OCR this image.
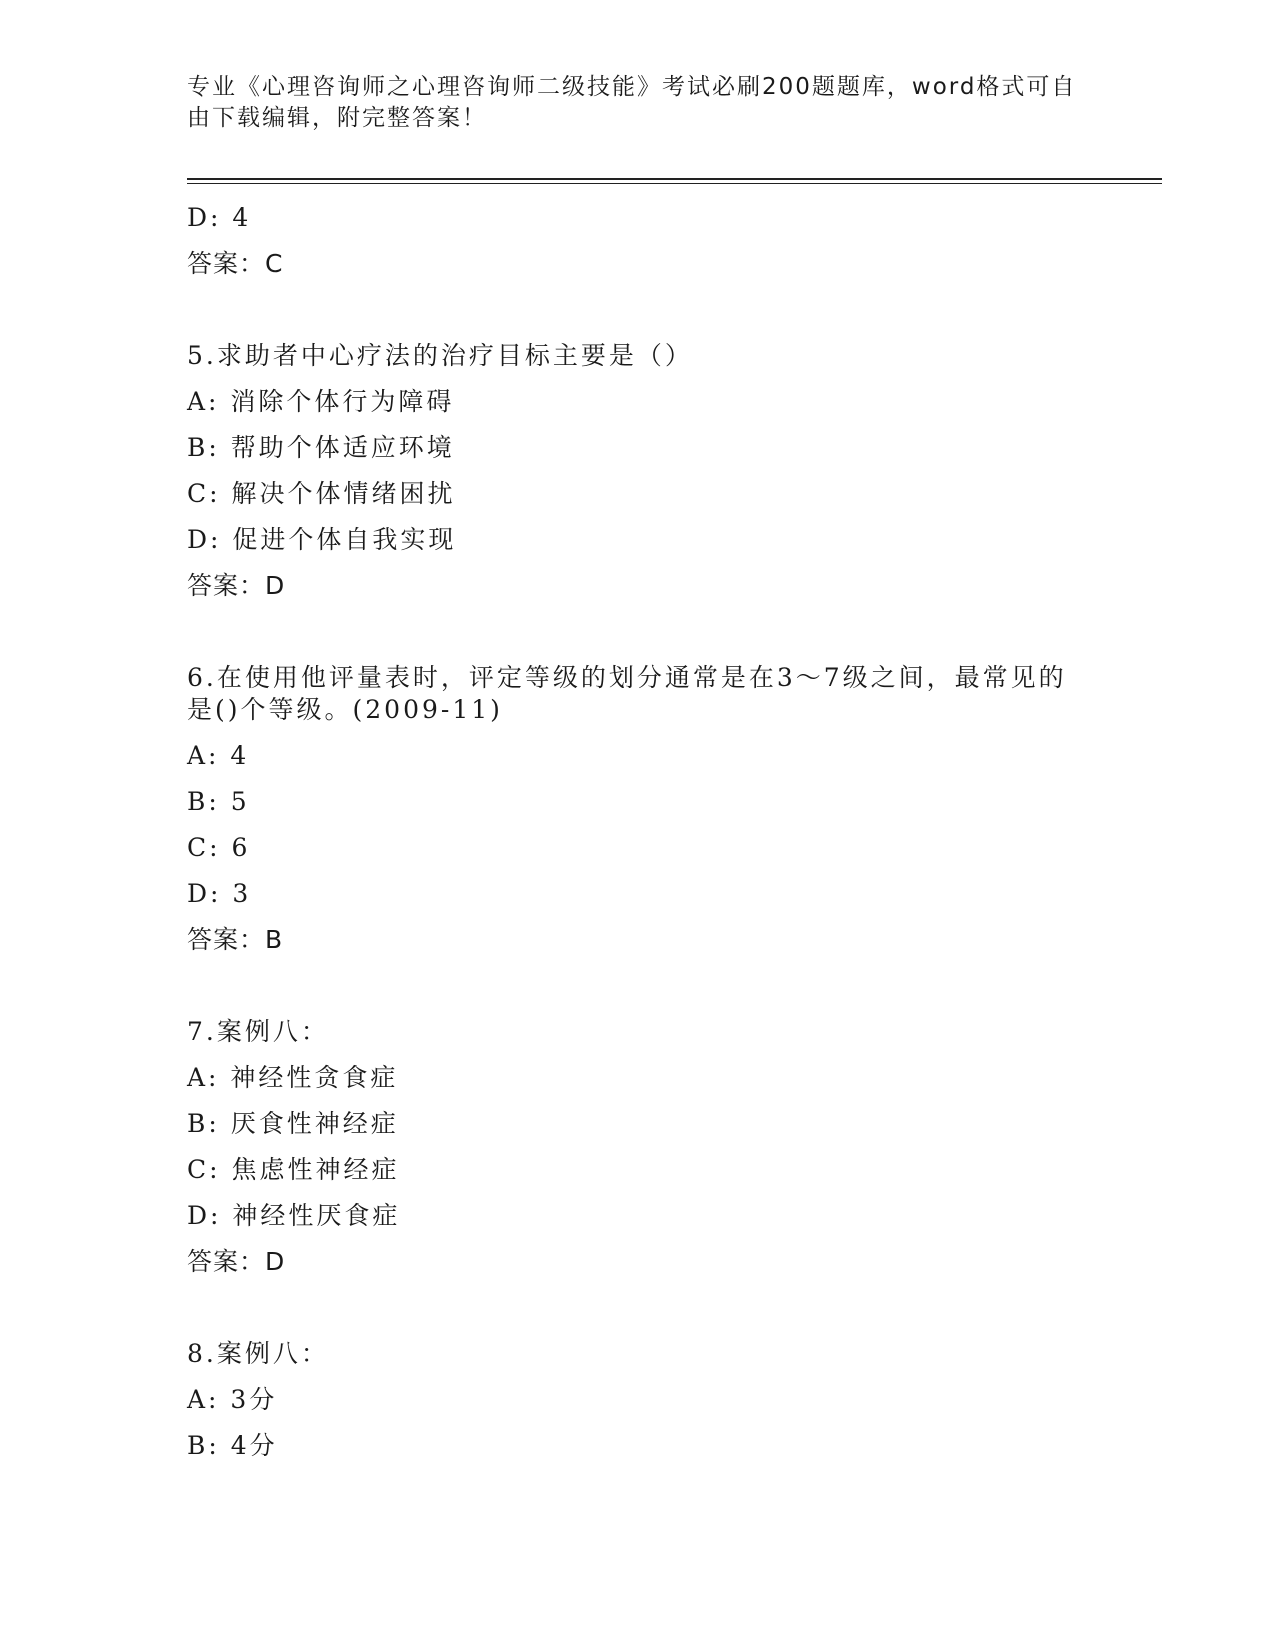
专业《心理咨询师之心理咨询师二级技能》考试必刷200题题库，word格式可自由下载编辑，附完整答案！
D: 4
答案：C
5.求助者中心疗法的治疗目标主要是（）
A: 消除个体行为障碍
B: 帮助个体适应环境
C: 解决个体情绪困扰
D: 促进个体自我实现
答案：D
6.在使用他评量表时，评定等级的划分通常是在3～7级之间，最常见的是()个等级。(2009-11)
A: 4
B: 5
C: 6
D: 3
答案：B
7.案例八：
A: 神经性贪食症
B: 厌食性神经症
C: 焦虑性神经症
D: 神经性厌食症
答案：D
8.案例八：
A: 3分
B: 4分
